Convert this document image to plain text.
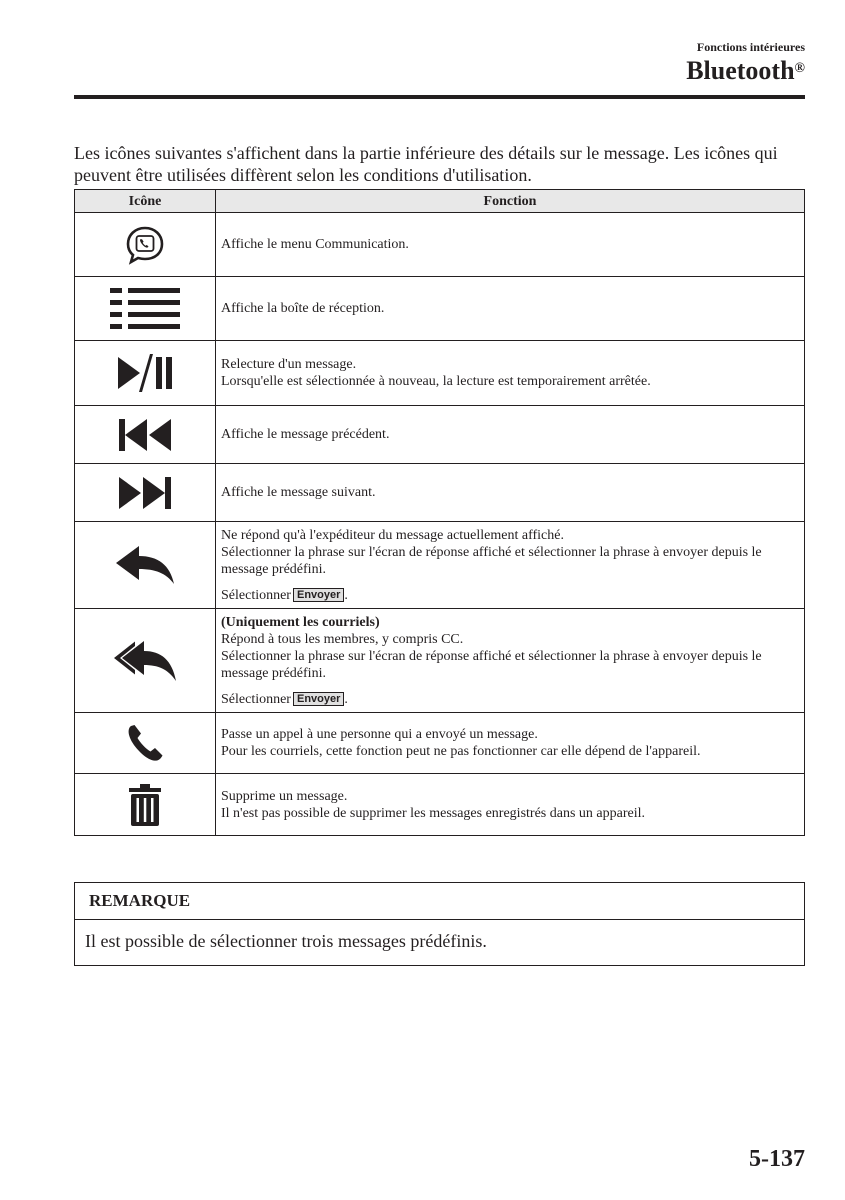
Fonctions intérieures
Bluetooth®
Les icônes suivantes s'affichent dans la partie inférieure des détails sur le message. Les icônes qui peuvent être utilisées diffèrent selon les conditions d'utilisation.
Icône	Fonction

Affiche le menu Communication.

Affiche la boîte de réception.

Relecture d'un message.
Lorsqu'elle est sélectionnée à nouveau, la lecture est temporairement arrêtée.

Affiche le message précédent.

Affiche le message suivant.

Ne répond qu'à l'expéditeur du message actuellement affiché.
Sélectionner la phrase sur l'écran de réponse affiché et sélectionner la phrase à envoyer depuis le message prédéfini.
Sélectionner Envoyer .

(Uniquement les courriels)
Répond à tous les membres, y compris CC.
Sélectionner la phrase sur l'écran de réponse affiché et sélectionner la phrase à envoyer depuis le message prédéfini.
Sélectionner Envoyer .

Passe un appel à une personne qui a envoyé un message.
Pour les courriels, cette fonction peut ne pas fonctionner car elle dépend de l'appareil.

Supprime un message.
Il n'est pas possible de supprimer les messages enregistrés dans un appareil.
REMARQUE
Il est possible de sélectionner trois messages prédéfinis.
5-137
